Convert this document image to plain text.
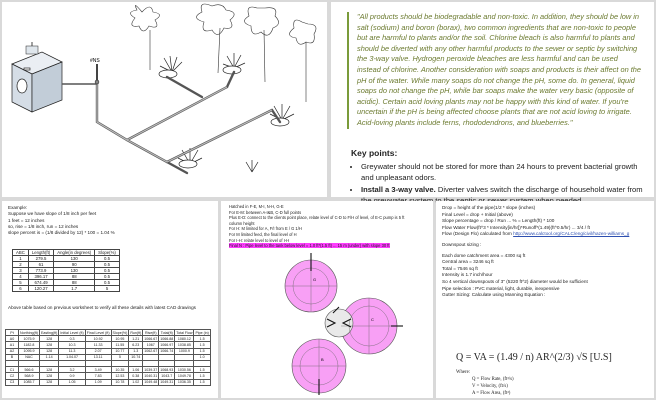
#NS
"All products should be biodegradable and non-toxic. In addition, they should be low in salt (sodium) and boron (borax), two common ingredients that are non-toxic to people but are harmful to plants and/or the soil. Chlorine bleach is also harmful to plants and should be diverted with any other harmful products to the sewer or septic by switching the 3-way valve. Hydrogen peroxide bleaches are less harmful and can be used instead of chlorine. Another consideration with soaps and products is their affect on the pH of the water. While many soaps do not change the pH, some do. In general, liquid soaps do not change the pH, while bar soaps make the water very basic (opposite of acidic). Certain acid loving plants may not be happy with this kind of water. If you're uncertain if the pH is being affected choose plants that are not acid loving to irrigate. Acid-loving plants include ferns, rhododendrons, and blueberries."
Key points:
• Greywater should not be stored for more than 24 hours to prevent bacterial growth and unpleasant odors.
• Install a 3-way valve. Diverter valves switch the discharge of household water from
Example:
Suppose we have slope of 1/8 inch per feet
1 feet = 12 inches
so, rise = 1/8 inch, run = 12 inches
slope percent is = (1/8 divided by 12) * 100 = 1.04 %
ABC	Length(ft)	Angle(in degrees)	Slope(%)
1	279.5	130	0.5
2	61	90	0.5
3	773.9	130	0.5
4	396.17	88	0.5
5	674.49	88	0.5
6	120.27	1.7	5
Above table based on previous worksheet to verify all these details with latest CAD drawings
Pt	Northing(ft)	Easting(ft)	Initial Level (ft)	Final Level (ft)	Slope(%)	Run(ft)	Rise(ft)	Total(ft)	Total Flow	Pipe (in)
A0	1075.9	128	0.3	10.92	10.95	1.21	1066.67	1066.88	1080.12	1.5
A1	1182.8	128	10.3	11.33	11.55	6.23	1067	1066.97	1038.85	1.5
A2	1095.9	128	11.3	2.07	10.77	1.3	1062.67	1066.74	1000.9	1.5
B	NAC	1.14	1.04.07	13.11	5	10.74				1.0

C1	566.6	128	3.2	3.49	10.35	1.06	1039.37	1068.93	1030.56	1.5
C2	568.9	128	0.9	7.83	12.53	0.38	1040.31	1043.7	1049.78	1.5
C3	1085.7	128	1.05	1.09	10.78	1.02	1049.48	1049.31	1036.35	1.5
Hatched in F-E, M-I, N-H, G-E
For E-M: between A-I&B, C-D full points
Plus E-D: connect to the clients point place, relate level of C-D to F/H of level, of E-C pump is 5 ft
column height
For H: M limited for A, F/I from E / G 1/H
For M limited feed, the final level of H
For I-H: relate level to level of I-H
Final N : Pipe level to the tank below level = 1.0 ft*(1.5 ft) ... 15 m (under) with slope 30 ft
G
C
B
Drop = height of the pipe(1/2 * slope (inches)
Final Level = drop + Initial (above)
Slope percentage = drop / Run ... % = Length(ft) * 100
Flow Water Flow(ft^3 * Intensity[in/hr])*Runoff*(1.49)(ft^0.5/hr) ... 3/4 / ft
Flow (Design Flo) calculated from http://www.calctool.org/CALC/eng/civil/hazen-williams_g
Downspout sizing :
Each dome catchment area = 4300 sq ft
Central area = 3246 sq ft
Total = 7546 sq ft
Intensity is 1.7 inch/hour
So 4 vertical downspouts of 3" (5220 ft^2) diameter would be sufficient
Pipe selection : PVC material, light, durable, inexpensive
Gutter Sizing: Calculate using Manning Equation :
Q = VA = (1.49 / n) AR^(2/3) √S [U.S]
Where:
Q = Flow Rate, (ft³/s)
V = Velocity, (ft/s)
A = Flow Area, (ft²)
